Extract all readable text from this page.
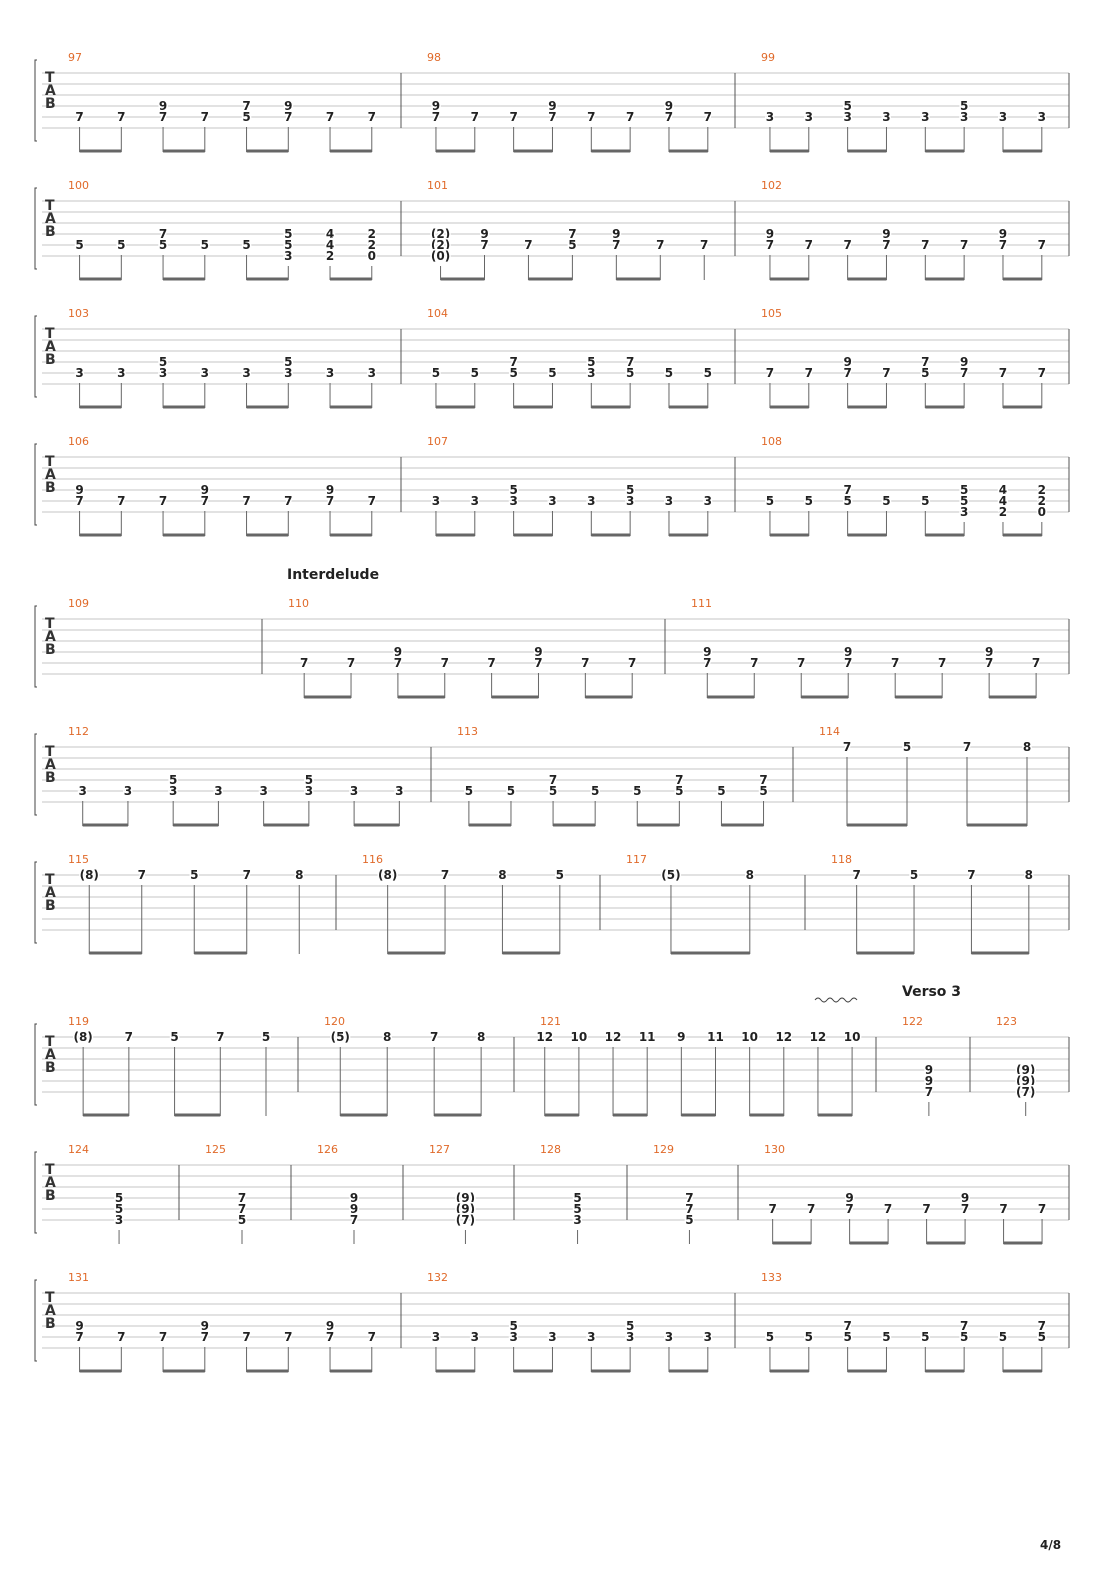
T
A
B
97
7	7
9
7	7
7
5
9
7	7	7
98
9
7	7	7
9
7	7	7
9
7	7
99
3	3
5
3	3	3
5
3	3	3
T
A
B
100
5	5
7
5	5	5
5
5
3
4
4
2
2
2
0
101
(2)
(2)
(0)
9
7	7
7
5
9
7	7	7
102
9
7	7	7
9
7	7	7
9
7	7
T
A
B
103
3	3
5
3	3	3
5
3	3	3
104
5	5
7
5	5
5
3
7
5	5	5
105
7	7
9
7	7
7
5
9
7	7	7
T
A
B
106
9
7	7	7
9
7	7	7
9
7	7
107
3	3
5
3	3	3
5
3	3	3
108
5	5
7
5	5	5
5
5
3
4
4
2
2
2
0
T
A
B
109	110
7	7
9
7	7	7
9
7	7	7
111
9
7	7	7
9
7	7	7
9
7	7
T
A
B
112
3	3
5
3	3	3
5
3	3	3
113
5	5
7
5	5	5
7
5	5
7
5
114
7	5	7	8
T
A
B
115
(8)	7	5	7	8
116
(8)	7	8	5
117
(5)	8
118
7	5	7	8
T
A
B
119
(8)	7	5	7	5
120
(5)	8	7	8
121
12 10 12 11 9 11 10 12 12 10
122
9
9
7
123
(9)
(9)
(7)
T
A
B
124
5
5
3
125
7
7
5
126
9
9
7
127
(9)
(9)
(7)
128
5
5
3
129
7
7
5
130
7	7
9
7	7	7
9
7	7	7
T
A
B
131
9
7	7	7
9
7	7	7
9
7	7
132
3	3
5
3	3	3
5
3	3	3
133
5	5
7
5	5	5
7
5	5
7
5
Interdelude
Verso 3
4/8
